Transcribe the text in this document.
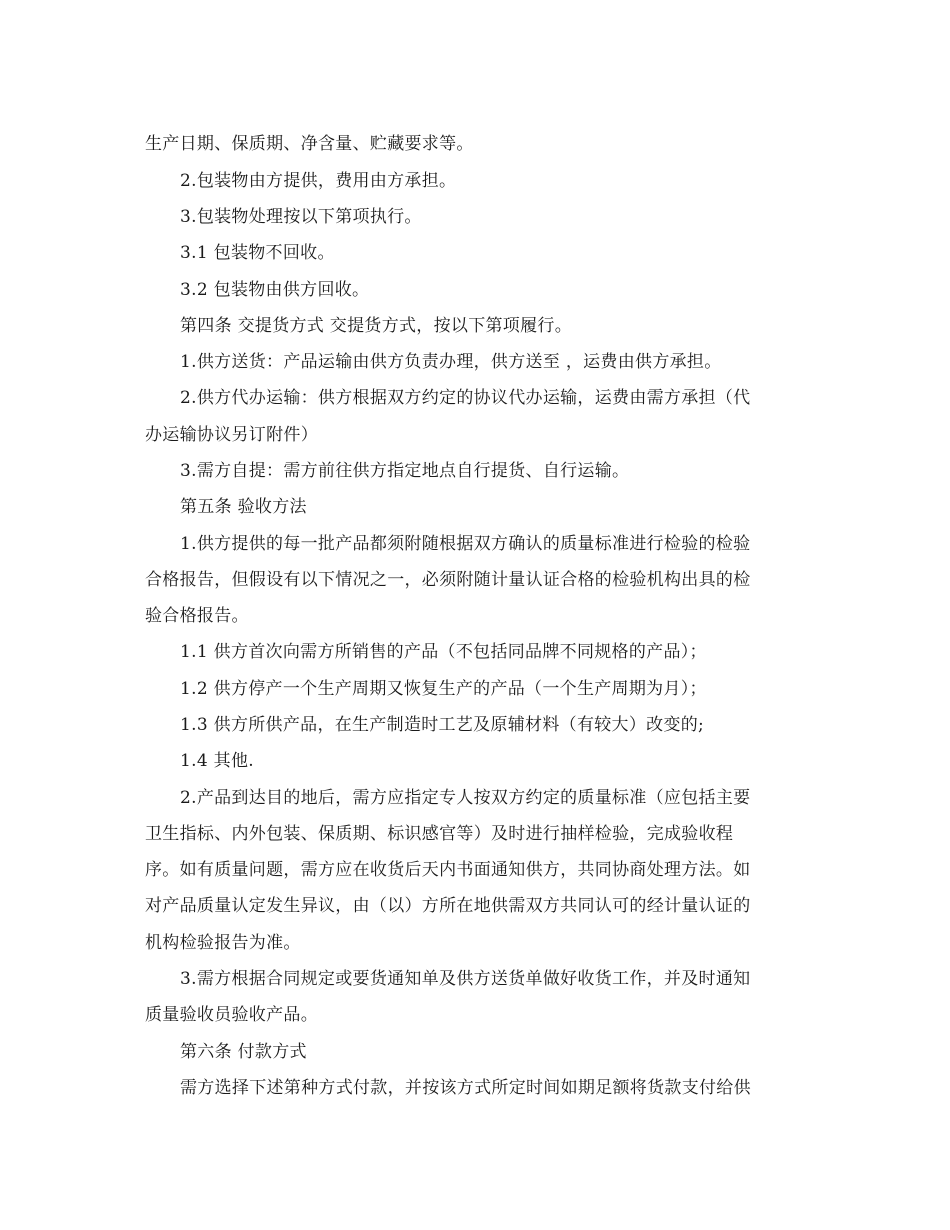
生产日期、保质期、净含量、贮藏要求等。
2.包装物由方提供，费用由方承担。
3.包装物处理按以下第项执行。
3.1 包装物不回收。
3.2 包装物由供方回收。
第四条 交提货方式 交提货方式，按以下第项履行。
1.供方送货：产品运输由供方负责办理，供方送至 ，运费由供方承担。
2.供方代办运输：供方根据双方约定的协议代办运输，运费由需方承担（代
办运输协议另订附件）
3.需方自提：需方前往供方指定地点自行提货、自行运输。
第五条 验收方法
1.供方提供的每一批产品都须附随根据双方确认的质量标准进行检验的检验
合格报告，但假设有以下情况之一，必须附随计量认证合格的检验机构出具的检
验合格报告。
1.1 供方首次向需方所销售的产品（不包括同品牌不同规格的产品）；
1.2 供方停产一个生产周期又恢复生产的产品（一个生产周期为月）；
1.3 供方所供产品，在生产制造时工艺及原辅材料（有较大）改变的;
1.4 其他.
2.产品到达目的地后，需方应指定专人按双方约定的质量标准（应包括主要
卫生指标、内外包装、保质期、标识感官等）及时进行抽样检验，完成验收程
序。如有质量问题，需方应在收货后天内书面通知供方，共同协商处理方法。如
对产品质量认定发生异议，由（以）方所在地供需双方共同认可的经计量认证的
机构检验报告为准。
3.需方根据合同规定或要货通知单及供方送货单做好收货工作，并及时通知
质量验收员验收产品。
第六条 付款方式
需方选择下述第种方式付款，并按该方式所定时间如期足额将货款支付给供
